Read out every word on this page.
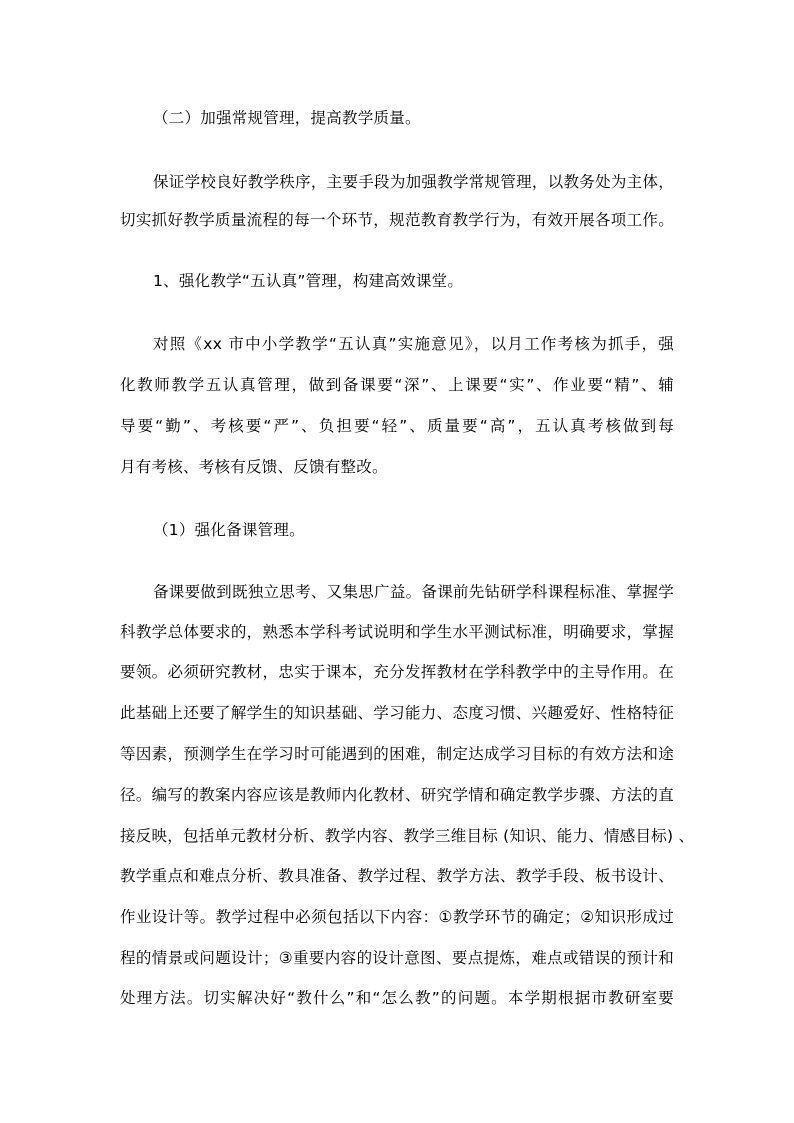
（二）加强常规管理，提高教学质量。
保证学校良好教学秩序，主要手段为加强教学常规管理，以教务处为主体，
切实抓好教学质量流程的每一个环节，规范教育教学行为，有效开展各项工作。
1、强化教学“五认真”管理，构建高效课堂。
对照《xx 市中小学教学“五认真”实施意见》，以月工作考核为抓手，强
化教师教学五认真管理，做到备课要“深”、上课要“实”、作业要“精”、辅
导要“勤”、考核要“严”、负担要“轻”、质量要“高”，五认真考核做到每
月有考核、考核有反馈、反馈有整改。
（1）强化备课管理。
备课要做到既独立思考、又集思广益。备课前先钻研学科课程标准、掌握学
科教学总体要求的，熟悉本学科考试说明和学生水平测试标准，明确要求，掌握
要领。必须研究教材，忠实于课本，充分发挥教材在学科教学中的主导作用。在
此基础上还要了解学生的知识基础、学习能力、态度习惯、兴趣爱好、性格特征
等因素，预测学生在学习时可能遇到的困难，制定达成学习目标的有效方法和途
径。编写的教案内容应该是教师内化教材、研究学情和确定教学步骤、方法的直
接反映，包括单元教材分析、教学内容、教学三维目标 (知识、能力、情感目标) 、
教学重点和难点分析、教具准备、教学过程、教学方法、教学手段、板书设计、
作业设计等。教学过程中必须包括以下内容：①教学环节的确定；②知识形成过
程的情景或问题设计；③重要内容的设计意图、要点提炼，难点或错误的预计和
处理方法。切实解决好“教什么”和“怎么教”的问题。本学期根据市教研室要
